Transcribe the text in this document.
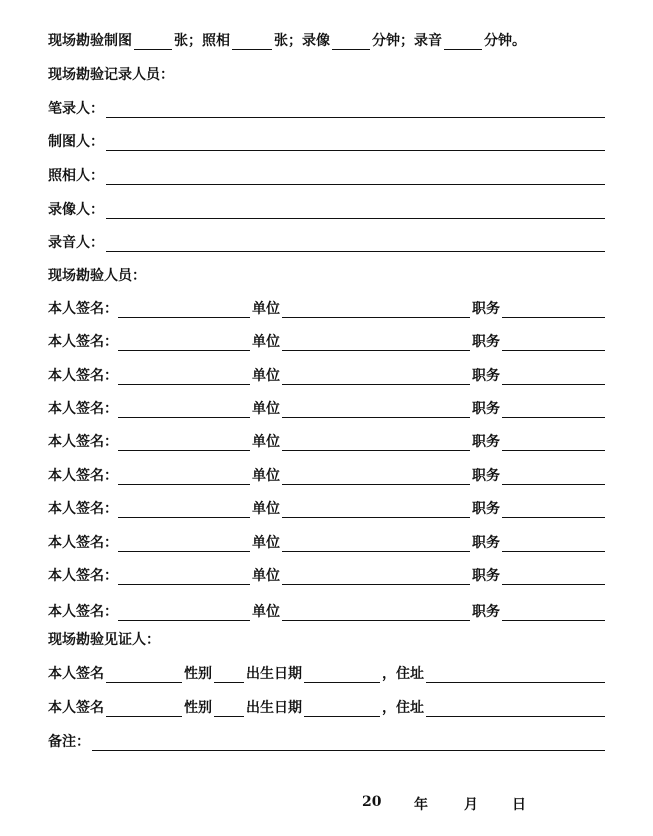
现场勘验制图	张；照相	张；录像	分钟；录音	分钟。
现场勘验记录人员：
笔录人：
制图人：
照相人：
录像人：
录音人：
现场勘验人员：
本人签名：	单位	职务
本人签名：	单位	职务
本人签名：	单位	职务
本人签名：	单位	职务
本人签名：	单位	职务
本人签名：	单位	职务
本人签名：	单位	职务
本人签名：	单位	职务
本人签名：	单位	职务
本人签名：	单位	职务
现场勘验见证人：
本人签名	性别 出生日期	，住址
本人签名	性别 出生日期	，住址
备注：
20 年	月 日
